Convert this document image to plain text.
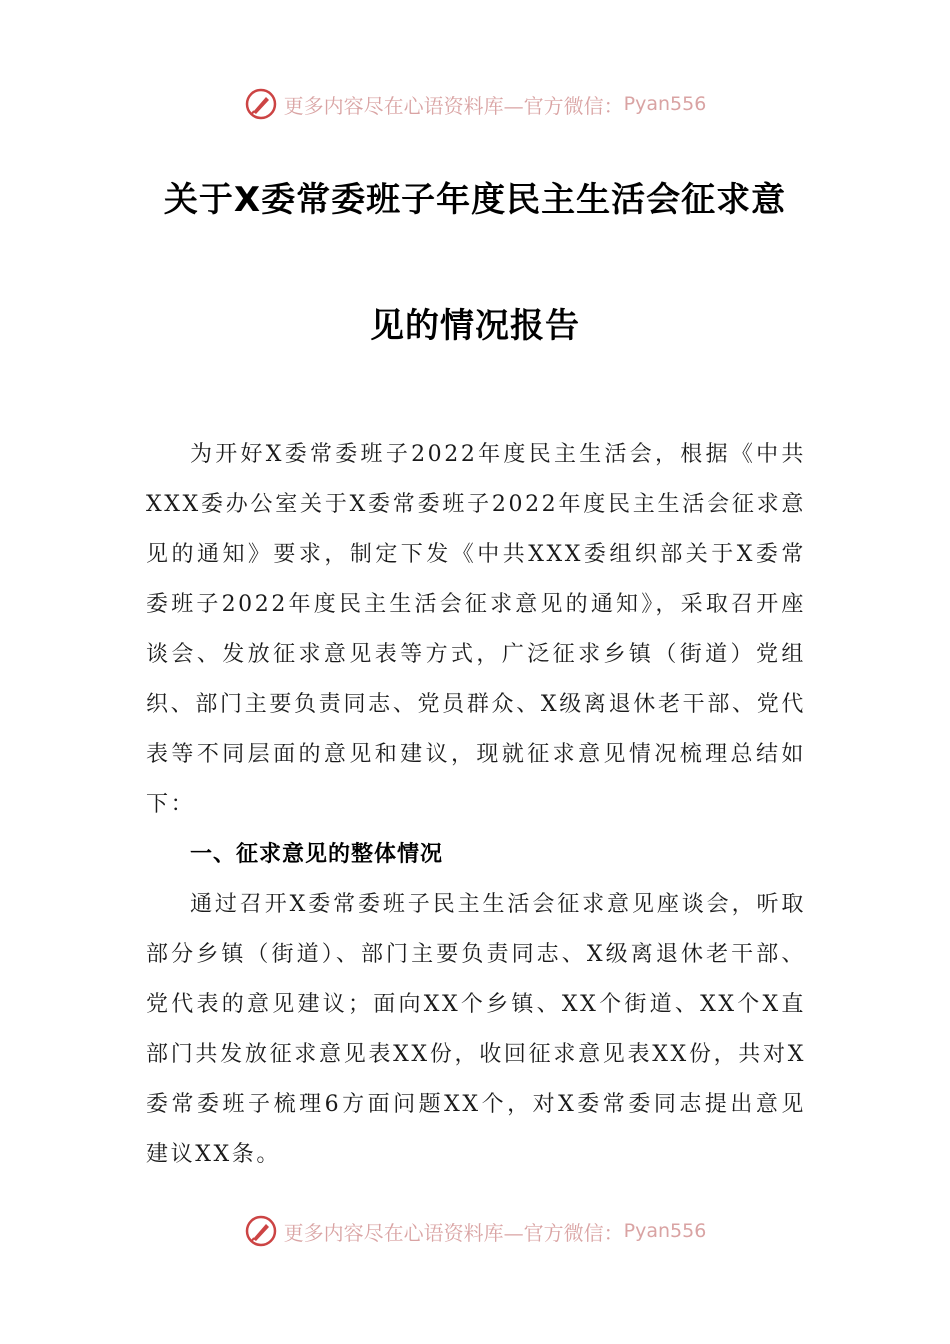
更多内容尽在心语资料库—官方微信： Pyan556
关于X委常委班子年度民主生活会征求意
见的情况报告

为开好X委常委班子2022年度民主生活会，根据《中共XXX委办公室关于X委常委班子2022年度民主生活会征求意见的通知》要求，制定下发《中共XXX委组织部关于X委常委班子2022年度民主生活会征求意见的通知》，采取召开座谈会、发放征求意见表等方式，广泛征求乡镇（街道）党组织、部门主要负责同志、党员群众、X级离退休老干部、党代表等不同层面的意见和建议，现就征求意见情况梳理总结如下：

一、征求意见的整体情况

通过召开X委常委班子民主生活会征求意见座谈会，听取部分乡镇（街道）、部门主要负责同志、X级离退休老干部、党代表的意见建议；面向XX个乡镇、XX个街道、XX个X直部门共发放征求意见表XX份，收回征求意见表XX份，共对X委常委班子梳理6方面问题XX个，对X委常委同志提出意见建议XX条。

更多内容尽在心语资料库—官方微信： Pyan556
